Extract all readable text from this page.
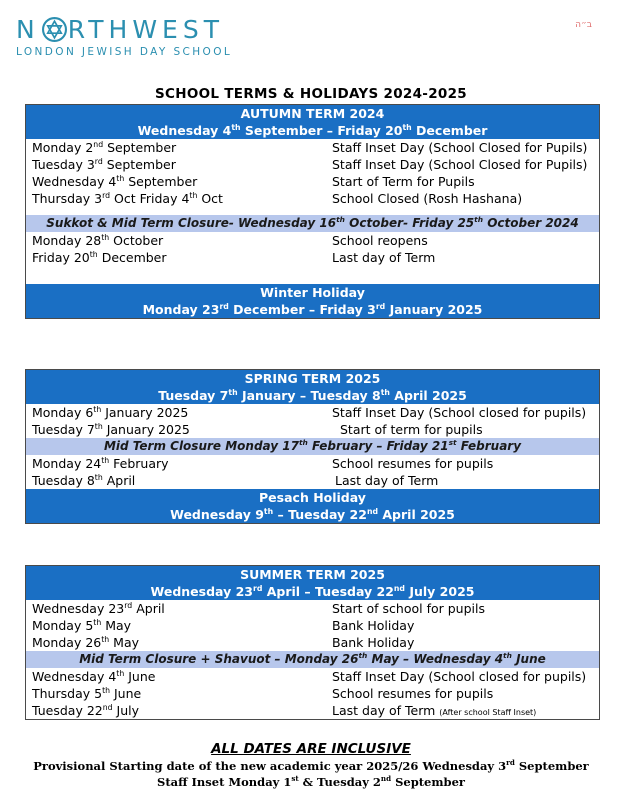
N RTHWEST
LONDON JEWISH DAY SCHOOL
ב״ה
SCHOOL TERMS & HOLIDAYS 2024-2025
AUTUMN TERM 2024
Wednesday 4th September – Friday 20th December
Monday 2nd September	Staff Inset Day (School Closed for Pupils)
Tuesday 3rd September	Staff Inset Day (School Closed for Pupils)
Wednesday 4th September	Start of Term for Pupils
Thursday 3rd Oct Friday 4th Oct	School Closed (Rosh Hashana)
Sukkot & Mid Term Closure- Wednesday 16th October- Friday 25th October 2024
Monday 28th October	School reopens
Friday 20th December	Last day of Term
Winter Holiday
Monday 23rd December – Friday 3rd January 2025
SPRING TERM 2025
Tuesday 7th January – Tuesday 8th April 2025
Monday 6th January 2025	Staff Inset Day (School closed for pupils)
Tuesday 7th January 2025	Start of term for pupils
Mid Term Closure Monday 17th February – Friday 21st February
Monday 24th February	School resumes for pupils
Tuesday 8th April	Last day of Term
Pesach Holiday
Wednesday 9th – Tuesday 22nd April 2025
SUMMER TERM 2025
Wednesday 23rd April – Tuesday 22nd July 2025
Wednesday 23rd April	Start of school for pupils
Monday 5th May	Bank Holiday
Monday 26th May	Bank Holiday
Mid Term Closure + Shavuot – Monday 26th May – Wednesday 4th June
Wednesday 4th June	Staff Inset Day (School closed for pupils)
Thursday 5th June	School resumes for pupils
Tuesday 22nd July	Last day of Term (After school Staff Inset)
ALL DATES ARE INCLUSIVE
Provisional Starting date of the new academic year 2025/26 Wednesday 3rd September
Staff Inset Monday 1st & Tuesday 2nd September
